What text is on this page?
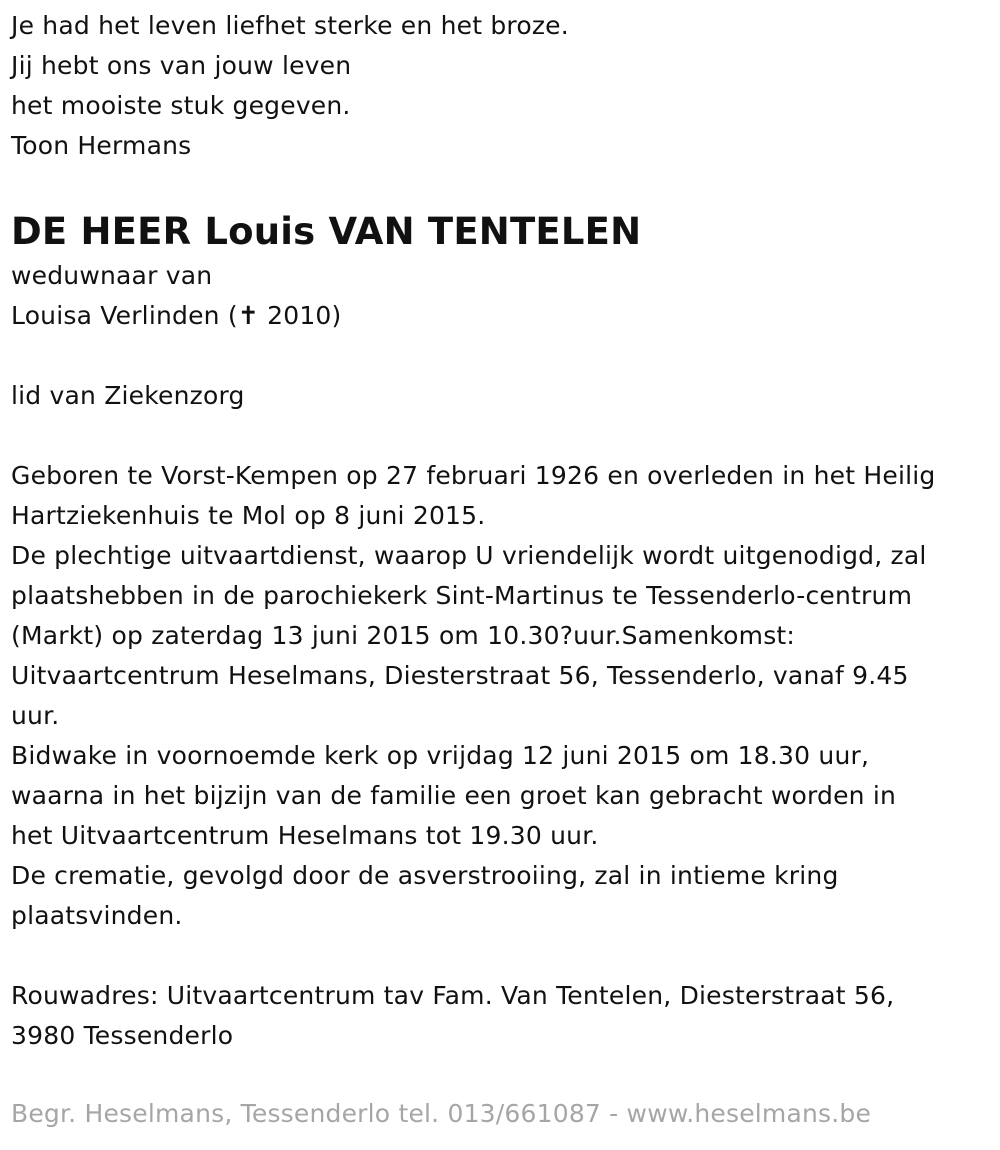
Je had het leven liefhet sterke en het broze.
Jij hebt ons van jouw leven
het mooiste stuk gegeven.
Toon Hermans
DE HEER Louis VAN TENTELEN
weduwnaar van
Louisa Verlinden (✝ 2010)
lid van Ziekenzorg
Geboren te Vorst-Kempen op 27 februari 1926 en overleden in het Heilig
Hartziekenhuis te Mol op 8 juni 2015.
De plechtige uitvaartdienst, waarop U vriendelijk wordt uitgenodigd, zal
plaatshebben in de parochiekerk Sint-Martinus te Tessenderlo-centrum
(Markt) op zaterdag 13 juni 2015 om 10.30?uur.Samenkomst:
Uitvaartcentrum Heselmans, Diesterstraat 56, Tessenderlo, vanaf 9.45
uur.
Bidwake in voornoemde kerk op vrijdag 12 juni 2015 om 18.30 uur,
waarna in het bijzijn van de familie een groet kan gebracht worden in
het Uitvaartcentrum Heselmans tot 19.30 uur.
De crematie, gevolgd door de asverstrooiing, zal in intieme kring
plaatsvinden.
Rouwadres: Uitvaartcentrum tav Fam. Van Tentelen, Diesterstraat 56,
3980 Tessenderlo
Begr. Heselmans, Tessenderlo tel. 013/661087 - www.heselmans.be
